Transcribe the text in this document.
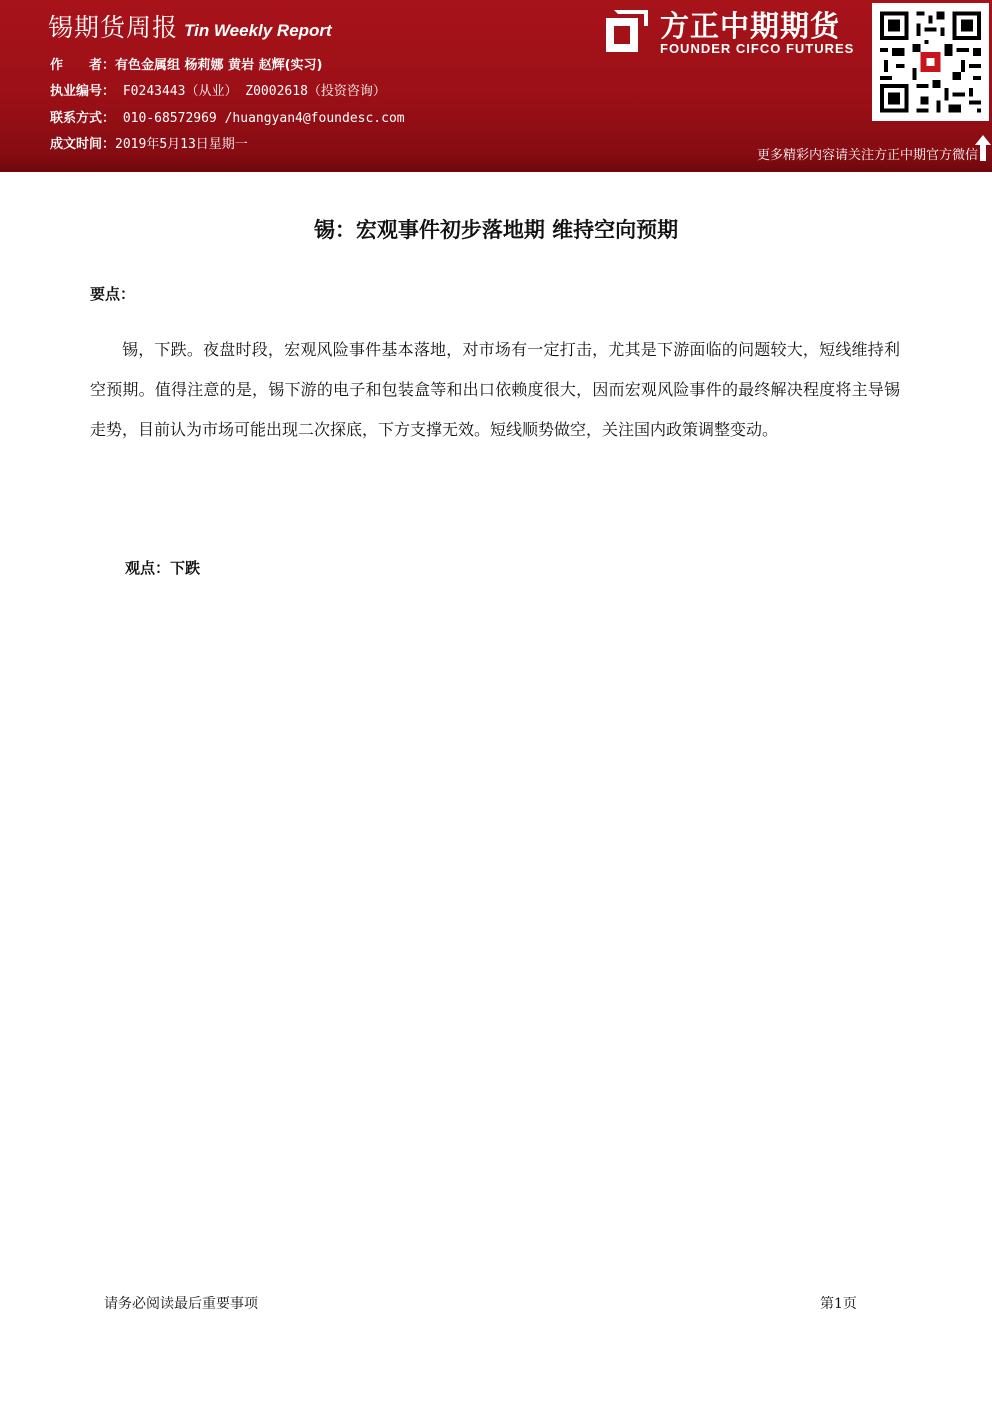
锡期货周报 Tin Weekly Report
作　　者：有色金属组 杨莉娜 黄岩 赵辉(实习)
执业编号： F0243443（从业） Z0002618（投资咨询）
联系方式： 010-68572969 /huangyan4@foundesc.com
成文时间：2019年5月13日星期一
方正中期期货
FOUNDER CIFCO FUTURES
更多精彩内容请关注方正中期官方微信
锡：宏观事件初步落地期 维持空向预期
要点：
锡，下跌。夜盘时段，宏观风险事件基本落地，对市场有一定打击，尤其是下游面临的问题较大，短线维持利空预期。值得注意的是，锡下游的电子和包装盒等和出口依赖度很大，因而宏观风险事件的最终解决程度将主导锡走势，目前认为市场可能出现二次探底，下方支撑无效。短线顺势做空，关注国内政策调整变动。
观点：下跌
请务必阅读最后重要事项	第1页
